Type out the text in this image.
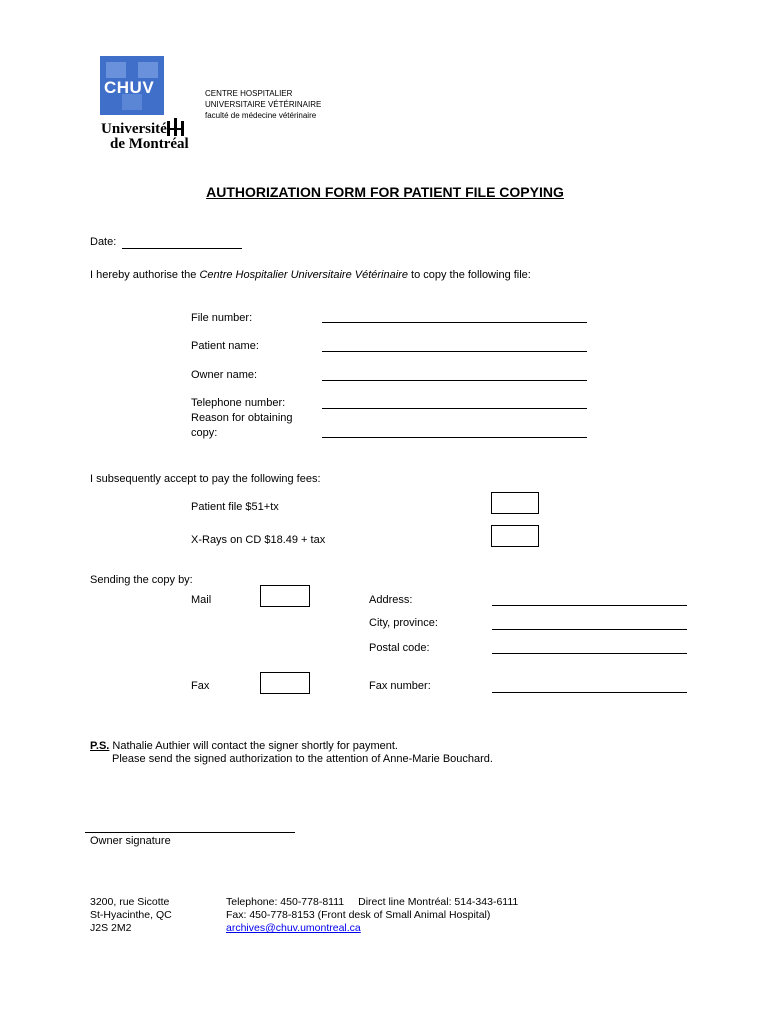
CHUV	CENTRE HOSPITALIER
UNIVERSITAIRE VÉTÉRINAIRE
faculté de médecine vétérinaire
Université
de Montréal
AUTHORIZATION FORM FOR PATIENT FILE COPYING
Date:
I hereby authorise the Centre Hospitalier Universitaire Vétérinaire to copy the following file:
File number:
Patient name:
Owner name:
Telephone number:
Reason for obtaining
copy:
I subsequently accept to pay the following fees:
Patient file $51+tx
X-Rays on CD $18.49 + tax
Sending the copy by:
Mail	Address:
City, province:
Postal code:
Fax	Fax number:
P.S. Nathalie Authier will contact the signer shortly for payment.
Please send the signed authorization to the attention of Anne-Marie Bouchard.
Owner signature
3200, rue Sicotte
St-Hyacinthe, QC
J2S 2M2
Telephone: 450-778-8111 Direct line Montréal: 514-343-6111
Fax: 450-778-8153 (Front desk of Small Animal Hospital)
archives@chuv.umontreal.ca
